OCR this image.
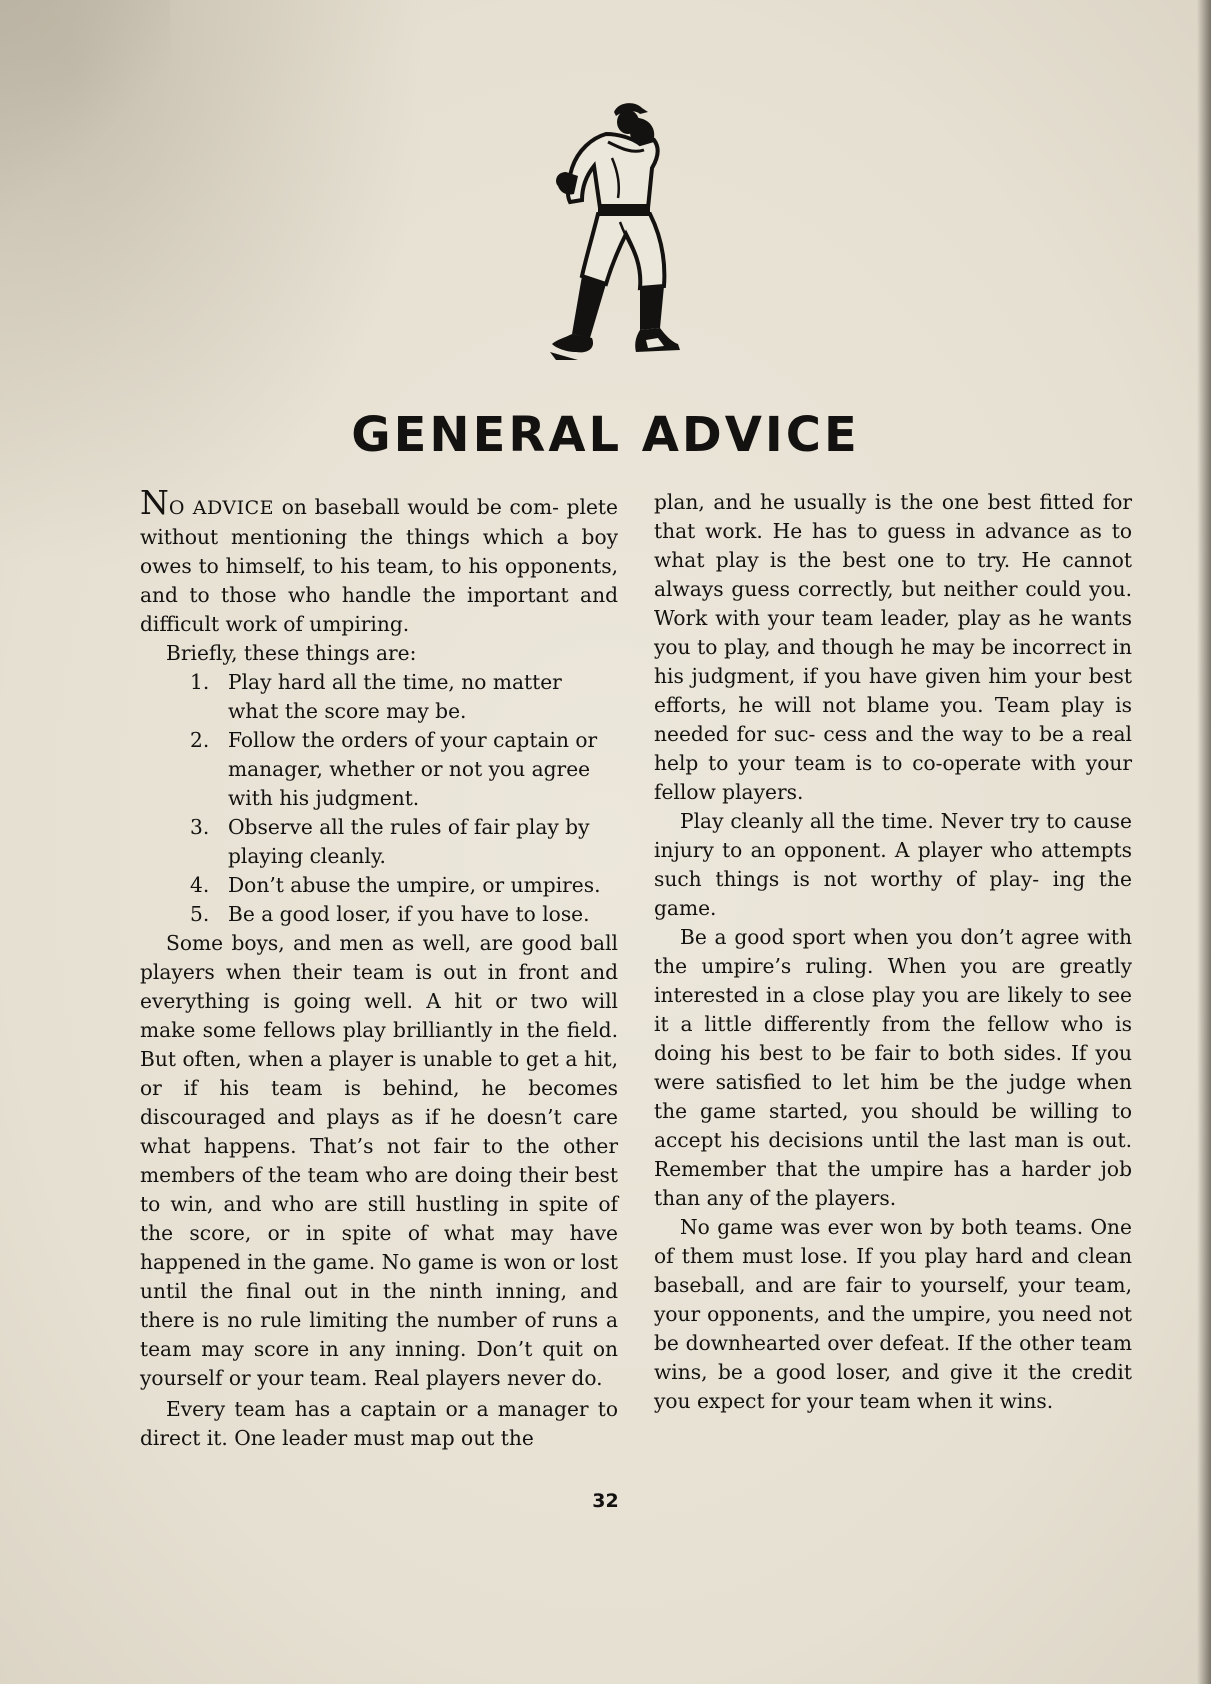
GENERAL ADVICE

NO ADVICE on baseball would be com- plete without mentioning the things which a boy owes to himself, to his team, to his opponents, and to those who handle the important and difficult work of umpiring.

Briefly, these things are:

1. Play hard all the time, no matter what the score may be.
2. Follow the orders of your captain or manager, whether or not you agree with his judgment.
3. Observe all the rules of fair play by playing cleanly.
4. Don’t abuse the umpire, or umpires.
5. Be a good loser, if you have to lose.

Some boys, and men as well, are good ball players when their team is out in front and everything is going well. A hit or two will make some fellows play brilliantly in the field. But often, when a player is unable to get a hit, or if his team is behind, he becomes discouraged and plays as if he doesn’t care what happens. That’s not fair to the other members of the team who are doing their best to win, and who are still hustling in spite of the score, or in spite of what may have happened in the game. No game is won or lost until the final out in the ninth inning, and there is no rule limiting the number of runs a team may score in any inning. Don’t quit on yourself or your team. Real players never do.

Every team has a captain or a manager to direct it. One leader must map out the

plan, and he usually is the one best fitted for that work. He has to guess in advance as to what play is the best one to try. He cannot always guess correctly, but neither could you. Work with your team leader, play as he wants you to play, and though he may be incorrect in his judgment, if you have given him your best efforts, he will not blame you. Team play is needed for suc- cess and the way to be a real help to your team is to co-operate with your fellow players.

Play cleanly all the time. Never try to cause injury to an opponent. A player who attempts such things is not worthy of play- ing the game.

Be a good sport when you don’t agree with the umpire’s ruling. When you are greatly interested in a close play you are likely to see it a little differently from the fellow who is doing his best to be fair to both sides. If you were satisfied to let him be the judge when the game started, you should be willing to accept his decisions until the last man is out. Remember that the umpire has a harder job than any of the players.

No game was ever won by both teams. One of them must lose. If you play hard and clean baseball, and are fair to yourself, your team, your opponents, and the umpire, you need not be downhearted over defeat. If the other team wins, be a good loser, and give it the credit you expect for your team when it wins.

32
